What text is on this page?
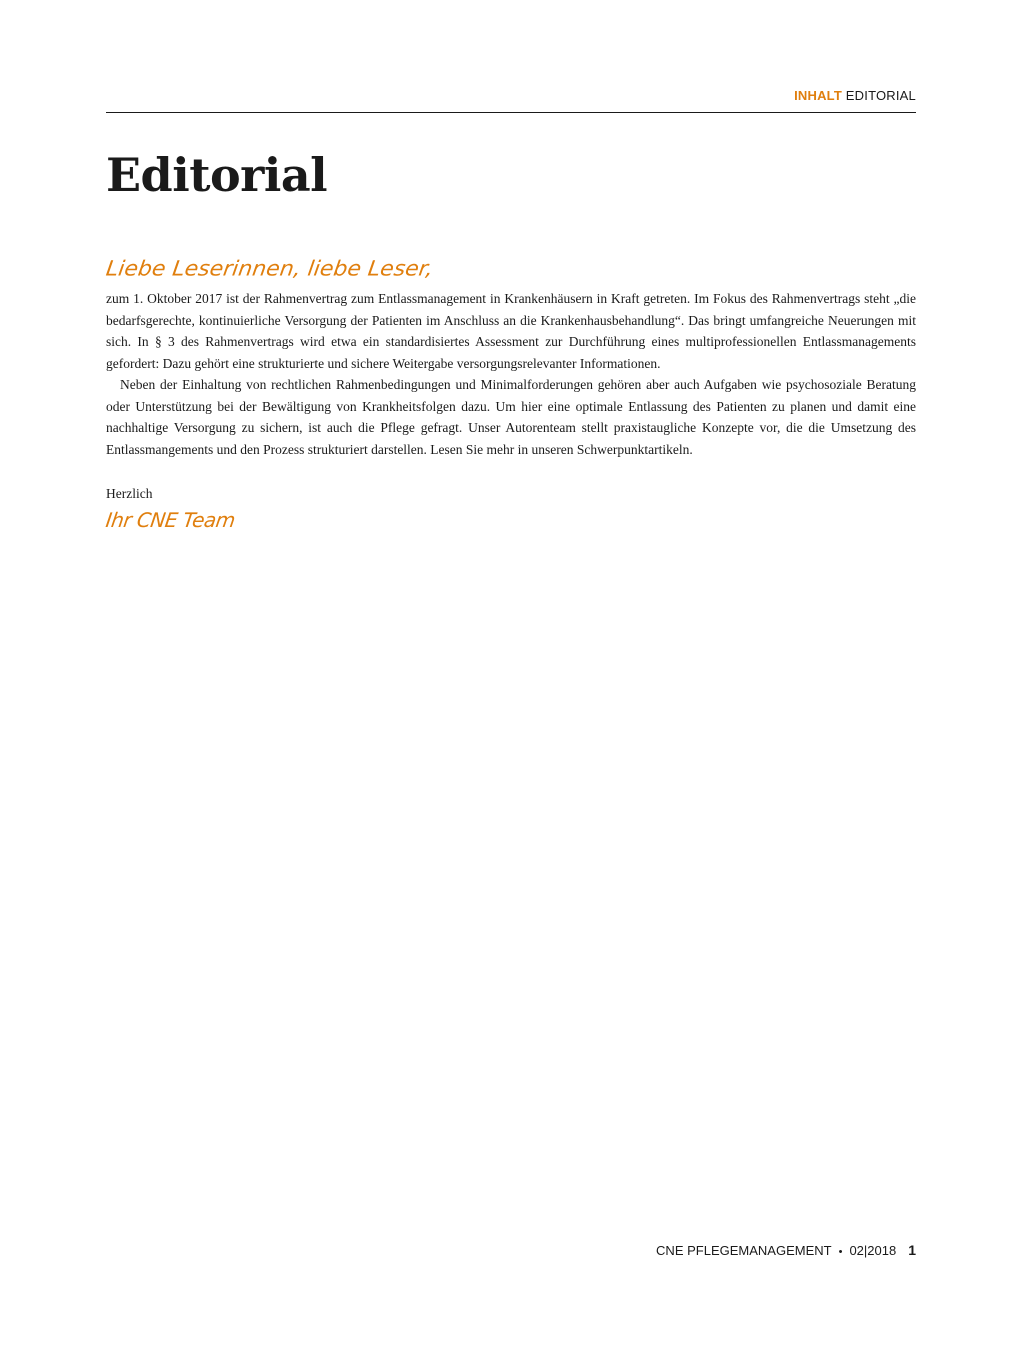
INHALT EDITORIAL
Editorial
Liebe Leserinnen, liebe Leser,

zum 1. Oktober 2017 ist der Rahmenvertrag zum Entlassmanagement in Krankenhäusern in Kraft getreten. Im Fokus des Rahmenvertrags steht „die bedarfsgerechte, kontinuierliche Versorgung der Patienten im Anschluss an die Krankenhausbehandlung“. Das bringt umfangreiche Neuerungen mit sich. In § 3 des Rahmenvertrags wird etwa ein standardisiertes Assessment zur Durchführung eines multiprofessionellen Entlassmanagements gefordert: Dazu gehört eine strukturierte und sichere Weitergabe versorgungsrelevanter Informationen.

Neben der Einhaltung von rechtlichen Rahmenbedingungen und Minimalforderungen gehören aber auch Aufgaben wie psychosoziale Beratung oder Unterstützung bei der Bewältigung von Krankheitsfolgen dazu. Um hier eine optimale Entlassung des Patienten zu planen und damit eine nachhaltige Versorgung zu sichern, ist auch die Pflege gefragt. Unser Autorenteam stellt praxistaugliche Konzepte vor, die die Umsetzung des Entlassmangements und den Prozess strukturiert darstellen. Lesen Sie mehr in unseren Schwerpunktartikeln.

Herzlich
Ihr CNE Team
CNE PFLEGEMANAGEMENT • 02|2018 1
